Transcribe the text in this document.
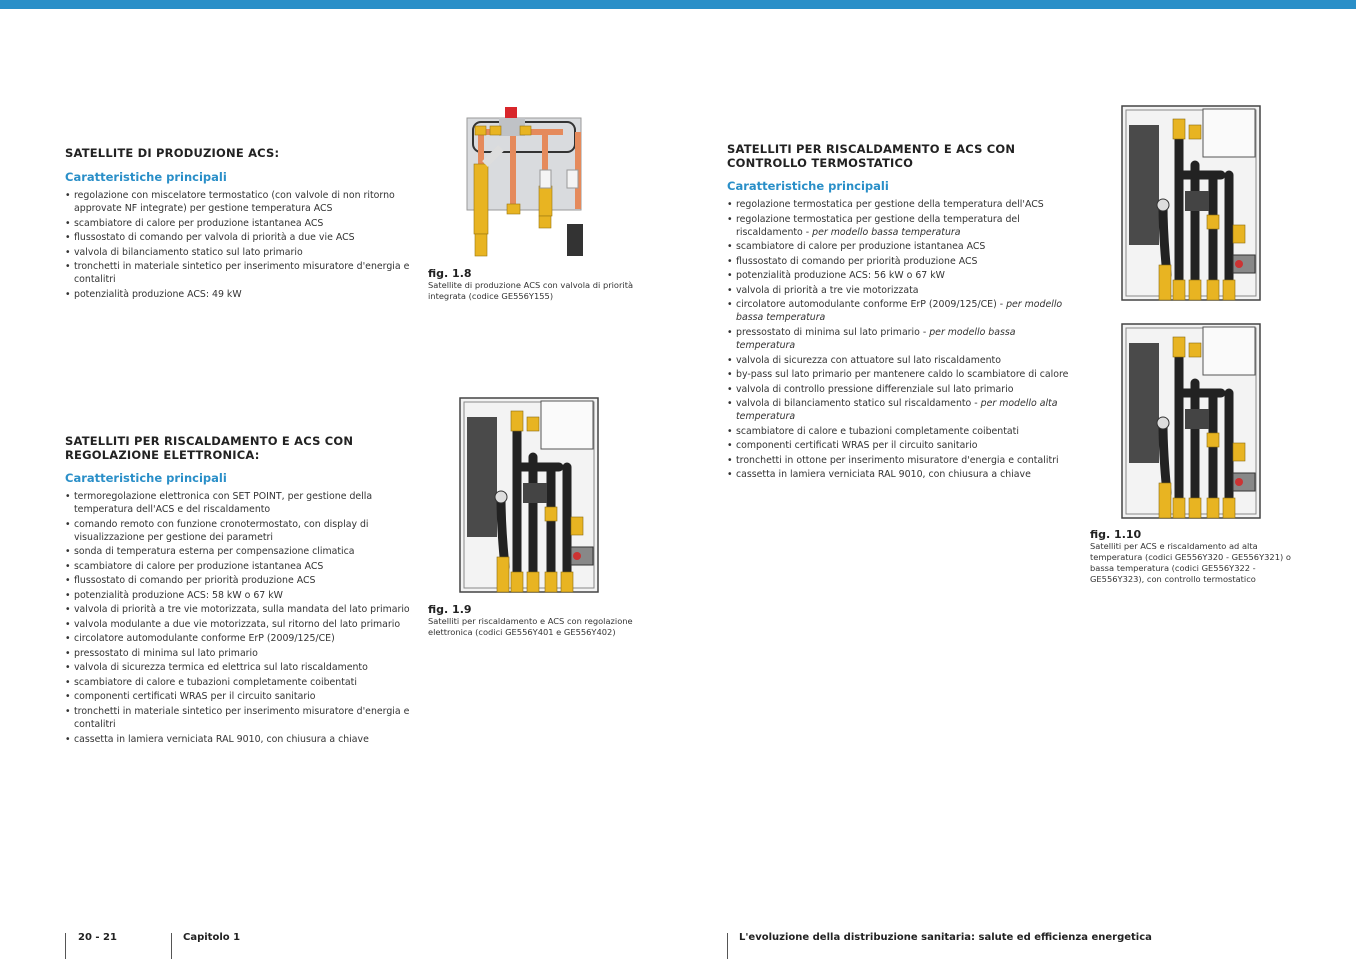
SATELLITE DI PRODUZIONE ACS:
Caratteristiche principali
• regolazione con miscelatore termostatico (con valvole di non ritorno approvate NF integrate) per gestione temperatura ACS
• scambiatore di calore per produzione istantanea ACS
• flussostato di comando per valvola di priorità a due vie ACS
• valvola di bilanciamento statico sul lato primario
• tronchetti in materiale sintetico per inserimento misuratore d'energia e contalitri
• potenzialità produzione ACS: 49 kW
SATELLITI PER RISCALDAMENTO E ACS CON REGOLAZIONE ELETTRONICA:
Caratteristiche principali
• termoregolazione elettronica con SET POINT, per gestione della temperatura dell'ACS e del riscaldamento
• comando remoto con funzione cronotermostato, con display di visualizzazione per gestione dei parametri
• sonda di temperatura esterna per compensazione climatica
• scambiatore di calore per produzione istantanea ACS
• flussostato di comando per priorità produzione ACS
• potenzialità produzione ACS: 58 kW o 67 kW
• valvola di priorità a tre vie motorizzata, sulla mandata del lato primario
• valvola modulante a due vie motorizzata, sul ritorno del lato primario
• circolatore automodulante conforme ErP (2009/125/CE)
• pressostato di minima sul lato primario
• valvola di sicurezza termica ed elettrica sul lato riscaldamento
• scambiatore di calore e tubazioni completamente coibentati
• componenti certificati WRAS per il circuito sanitario
• tronchetti in materiale sintetico per inserimento misuratore d'energia e contalitri
• cassetta in lamiera verniciata RAL 9010, con chiusura a chiave
SATELLITI PER RISCALDAMENTO E ACS CON CONTROLLO TERMOSTATICO
Caratteristiche principali
• regolazione termostatica per gestione della temperatura dell'ACS
• regolazione termostatica per gestione della temperatura del riscaldamento - per modello bassa temperatura
• scambiatore di calore per produzione istantanea ACS
• flussostato di comando per priorità produzione ACS
• potenzialità produzione ACS: 56 kW o 67 kW
• valvola di priorità a tre vie motorizzata
• circolatore automodulante conforme ErP (2009/125/CE) - per modello bassa temperatura
• pressostato di minima sul lato primario - per modello bassa temperatura
• valvola di sicurezza con attuatore sul lato riscaldamento
• by-pass sul lato primario per mantenere caldo lo scambiatore di calore
• valvola di controllo pressione differenziale sul lato primario
• valvola di bilanciamento statico sul riscaldamento - per modello alta temperatura
• scambiatore di calore e tubazioni completamente coibentati
• componenti certificati WRAS per il circuito sanitario
• tronchetti in ottone per inserimento misuratore d'energia e contalitri
• cassetta in lamiera verniciata RAL 9010, con chiusura a chiave
fig. 1.8
Satellite di produzione ACS con valvola di priorità integrata (codice GE556Y155)
fig. 1.9
Satelliti per riscaldamento e ACS con regolazione elettronica (codici GE556Y401 e GE556Y402)
fig. 1.10
Satelliti per ACS e riscaldamento ad alta temperatura (codici GE556Y320 - GE556Y321) o bassa temperatura (codici GE556Y322 - GE556Y323), con controllo termostatico
20 - 21	Capitolo 1	L'evoluzione della distribuzione sanitaria: salute ed efficienza energetica
